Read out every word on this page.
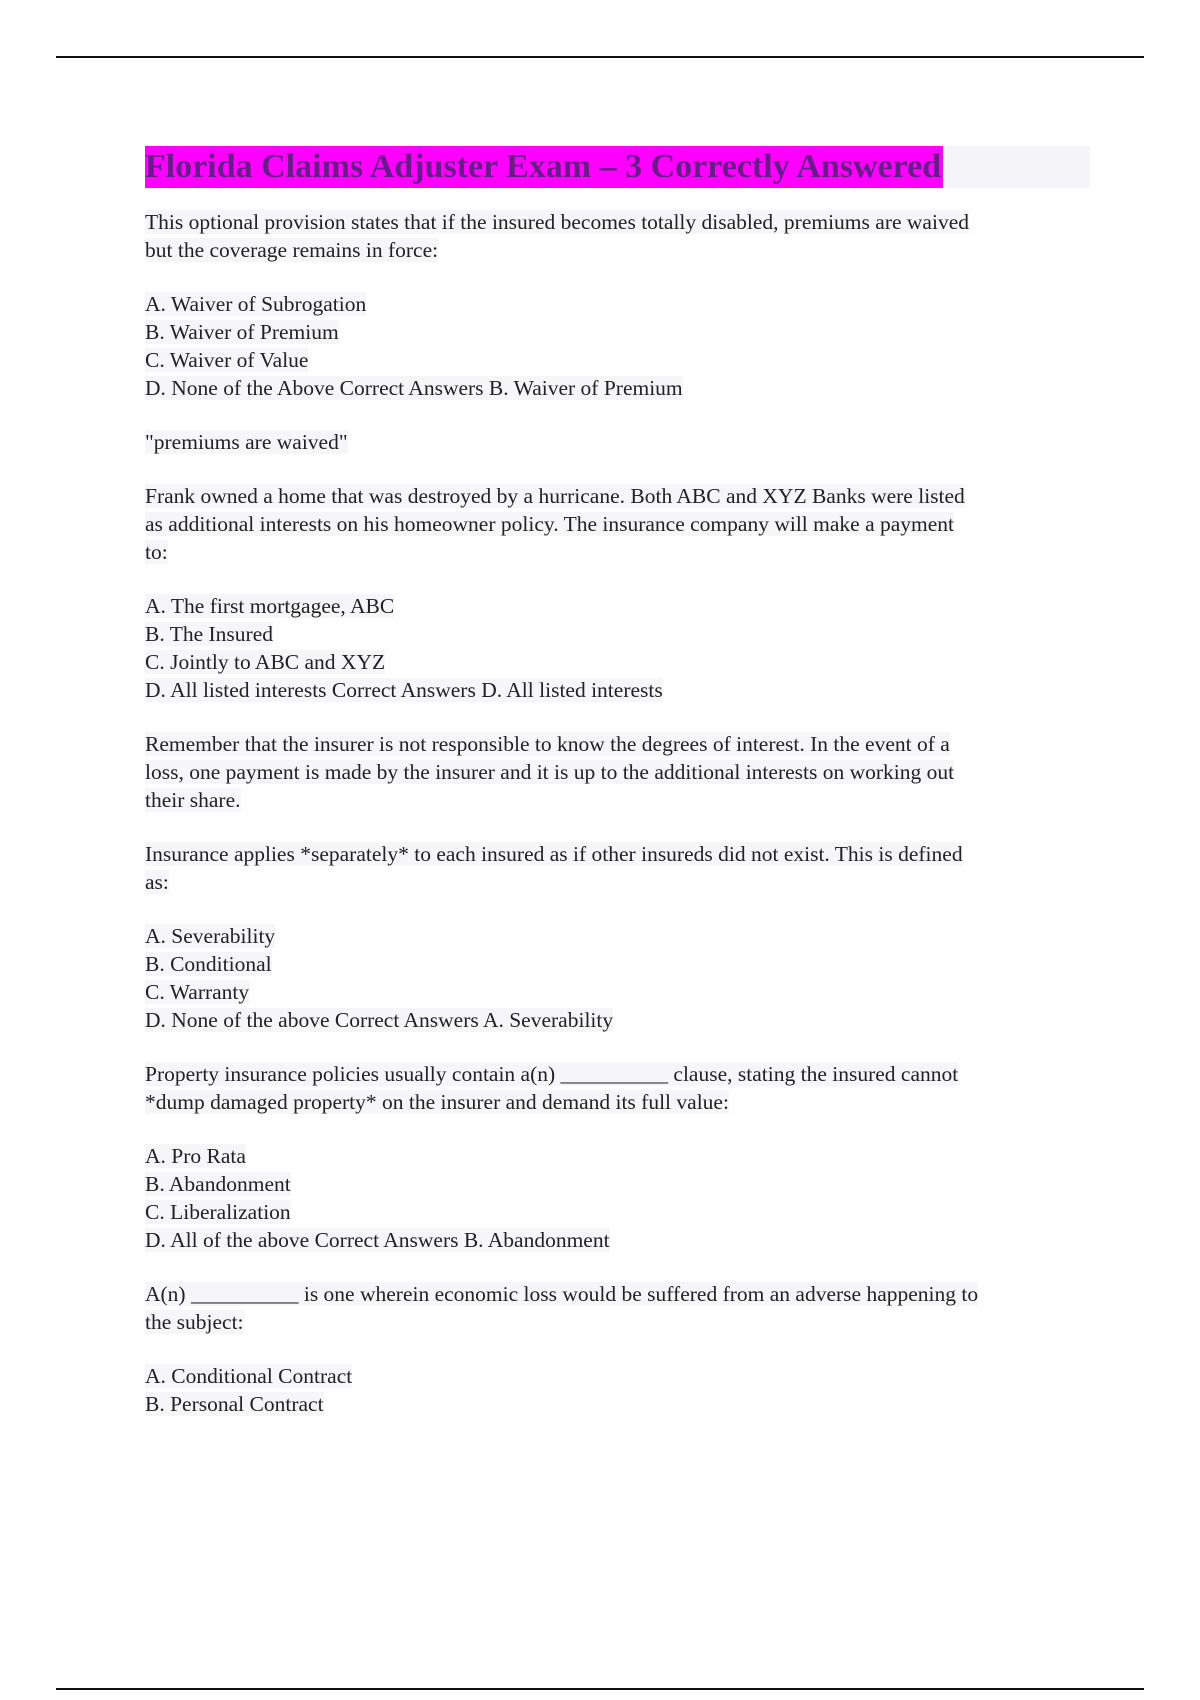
Florida Claims Adjuster Exam – 3 Correctly Answered
This optional provision states that if the insured becomes totally disabled, premiums are waived
but the coverage remains in force:
A. Waiver of Subrogation
B. Waiver of Premium
C. Waiver of Value
D. None of the Above Correct Answers B. Waiver of Premium
"premiums are waived"
Frank owned a home that was destroyed by a hurricane. Both ABC and XYZ Banks were listed
as additional interests on his homeowner policy. The insurance company will make a payment
to:
A. The first mortgagee, ABC
B. The Insured
C. Jointly to ABC and XYZ
D. All listed interests Correct Answers D. All listed interests
Remember that the insurer is not responsible to know the degrees of interest. In the event of a
loss, one payment is made by the insurer and it is up to the additional interests on working out
their share.
Insurance applies *separately* to each insured as if other insureds did not exist. This is defined
as:
A. Severability
B. Conditional
C. Warranty
D. None of the above Correct Answers A. Severability
Property insurance policies usually contain a(n) __________ clause, stating the insured cannot
*dump damaged property* on the insurer and demand its full value:
A. Pro Rata
B. Abandonment
C. Liberalization
D. All of the above Correct Answers B. Abandonment
A(n) __________ is one wherein economic loss would be suffered from an adverse happening to
the subject:
A. Conditional Contract
B. Personal Contract
